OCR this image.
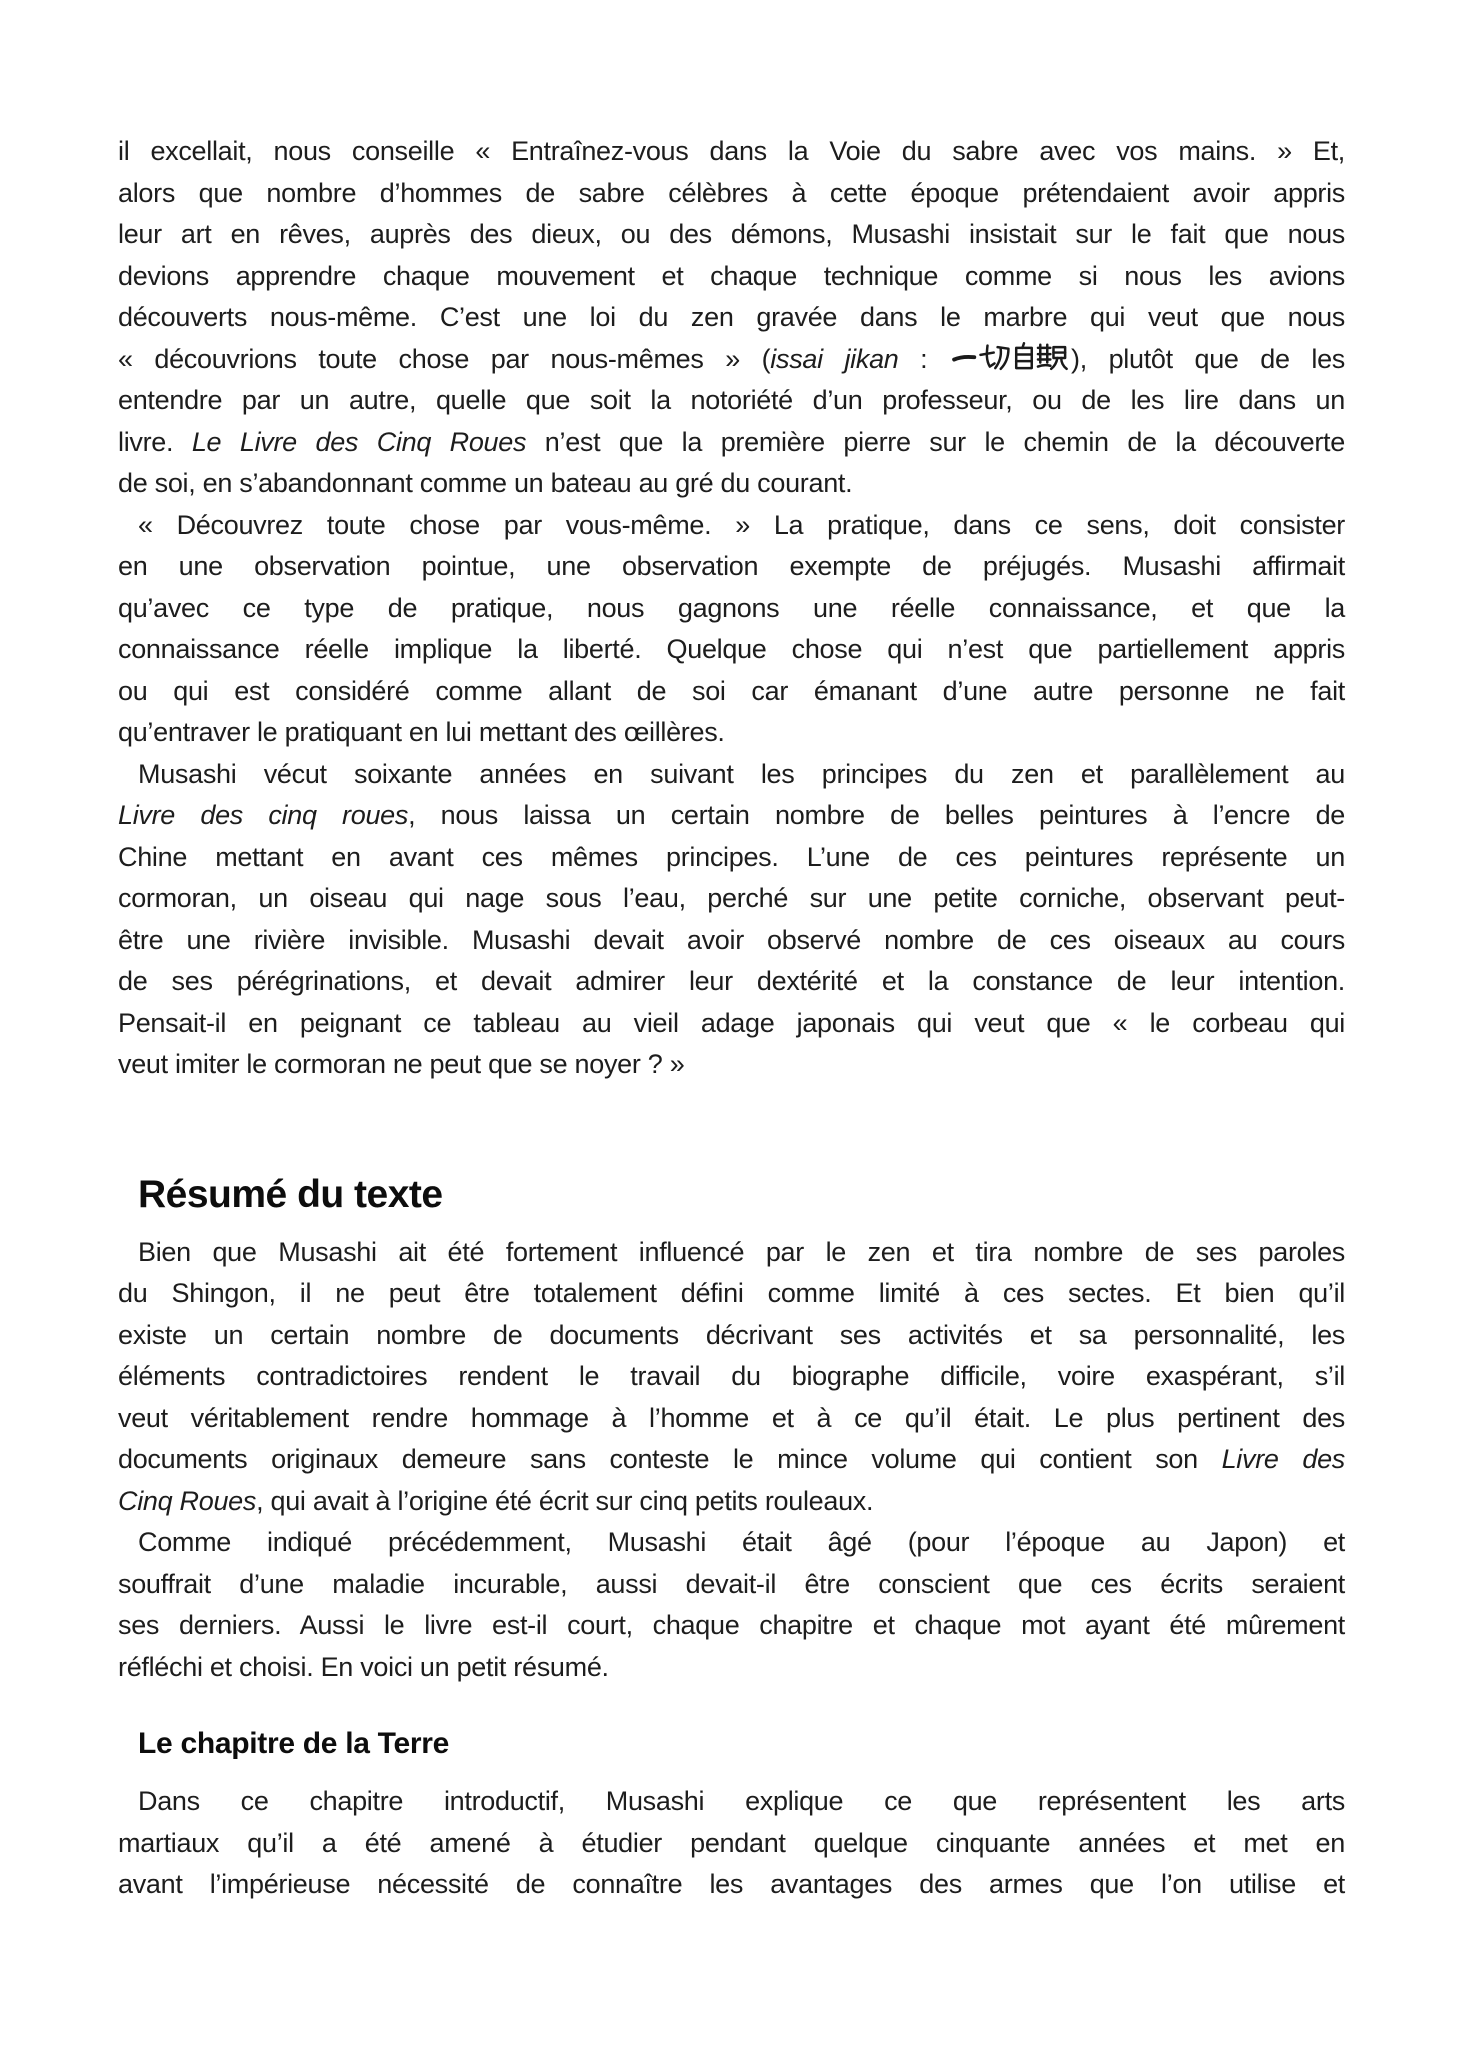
il excellait, nous conseille « Entraînez-vous dans la Voie du sabre avec vos mains. » Et,
alors que nombre d’hommes de sabre célèbres à cette époque prétendaient avoir appris
leur art en rêves, auprès des dieux, ou des démons, Musashi insistait sur le fait que nous
devions apprendre chaque mouvement et chaque technique comme si nous les avions
découverts nous-même. C’est une loi du zen gravée dans le marbre qui veut que nous
« découvrions toute chose par nous-mêmes » (issai jikan :	), plutôt que de les
entendre par un autre, quelle que soit la notoriété d’un professeur, ou de les lire dans un
livre. Le Livre des Cinq Roues n’est que la première pierre sur le chemin de la découverte
de soi, en s’abandonnant comme un bateau au gré du courant.
« Découvrez toute chose par vous-même. » La pratique, dans ce sens, doit consister
en une observation pointue, une observation exempte de préjugés. Musashi affirmait
qu’avec ce type de pratique, nous gagnons une réelle connaissance, et que la
connaissance réelle implique la liberté. Quelque chose qui n’est que partiellement appris
ou qui est considéré comme allant de soi car émanant d’une autre personne ne fait
qu’entraver le pratiquant en lui mettant des œillères.
Musashi vécut soixante années en suivant les principes du zen et parallèlement au
Livre des cinq roues, nous laissa un certain nombre de belles peintures à l’encre de
Chine mettant en avant ces mêmes principes. L’une de ces peintures représente un
cormoran, un oiseau qui nage sous l’eau, perché sur une petite corniche, observant peut-
être une rivière invisible. Musashi devait avoir observé nombre de ces oiseaux au cours
de ses pérégrinations, et devait admirer leur dextérité et la constance de leur intention.
Pensait-il en peignant ce tableau au vieil adage japonais qui veut que « le corbeau qui
veut imiter le cormoran ne peut que se noyer ? »
Résumé du texte
Bien que Musashi ait été fortement influencé par le zen et tira nombre de ses paroles
du Shingon, il ne peut être totalement défini comme limité à ces sectes. Et bien qu’il
existe un certain nombre de documents décrivant ses activités et sa personnalité, les
éléments contradictoires rendent le travail du biographe difficile, voire exaspérant, s’il
veut véritablement rendre hommage à l’homme et à ce qu’il était. Le plus pertinent des
documents originaux demeure sans conteste le mince volume qui contient son Livre des
Cinq Roues, qui avait à l’origine été écrit sur cinq petits rouleaux.
Comme indiqué précédemment, Musashi était âgé (pour l’époque au Japon) et
souffrait d’une maladie incurable, aussi devait-il être conscient que ces écrits seraient
ses derniers. Aussi le livre est-il court, chaque chapitre et chaque mot ayant été mûrement
réfléchi et choisi. En voici un petit résumé.
Le chapitre de la Terre
Dans ce chapitre introductif, Musashi explique ce que représentent les arts
martiaux qu’il a été amené à étudier pendant quelque cinquante années et met en
avant l’impérieuse nécessité de connaître les avantages des armes que l’on utilise et
